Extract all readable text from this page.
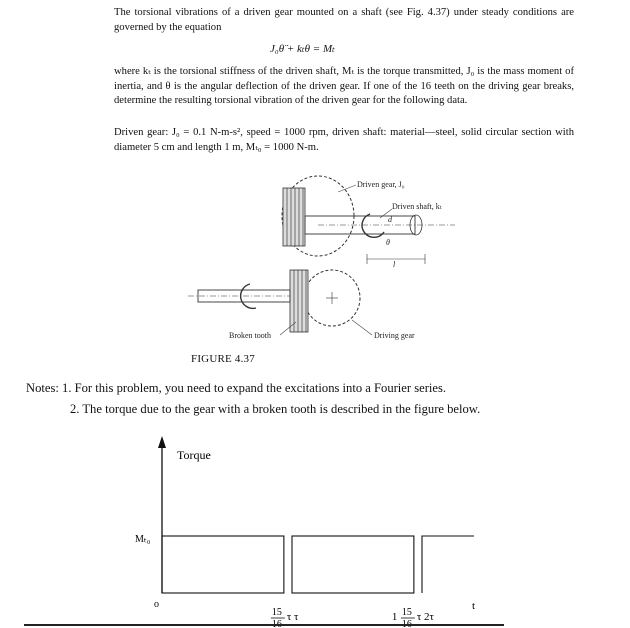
The torsional vibrations of a driven gear mounted on a shaft (see Fig. 4.37) under steady conditions are governed by the equation
J₀θ̈ + kₜθ = Mₜ
where kₜ is the torsional stiffness of the driven shaft, Mₜ is the torque transmitted, J₀ is the mass moment of inertia, and θ is the angular deflection of the driven gear. If one of the 16 teeth on the driving gear breaks, determine the resulting torsional vibration of the driven gear for the following data.
Driven gear: J₀ = 0.1 N-m-s², speed = 1000 rpm, driven shaft: material—steel, solid circular section with diameter 5 cm and length 1 m, Mₜ₀ = 1000 N-m.
Driven gear, J₀
Driven shaft, kₜ
Broken tooth	Driving gear
d
l
θ
FIGURE 4.37
Notes: 1. For this problem, you need to expand the excitations into a Fourier series.
2. The torque due to the gear with a broken tooth is described in the figure below.
Torque
o	t
Mₜ₀
15 τ τ	1 15 τ 2τ
